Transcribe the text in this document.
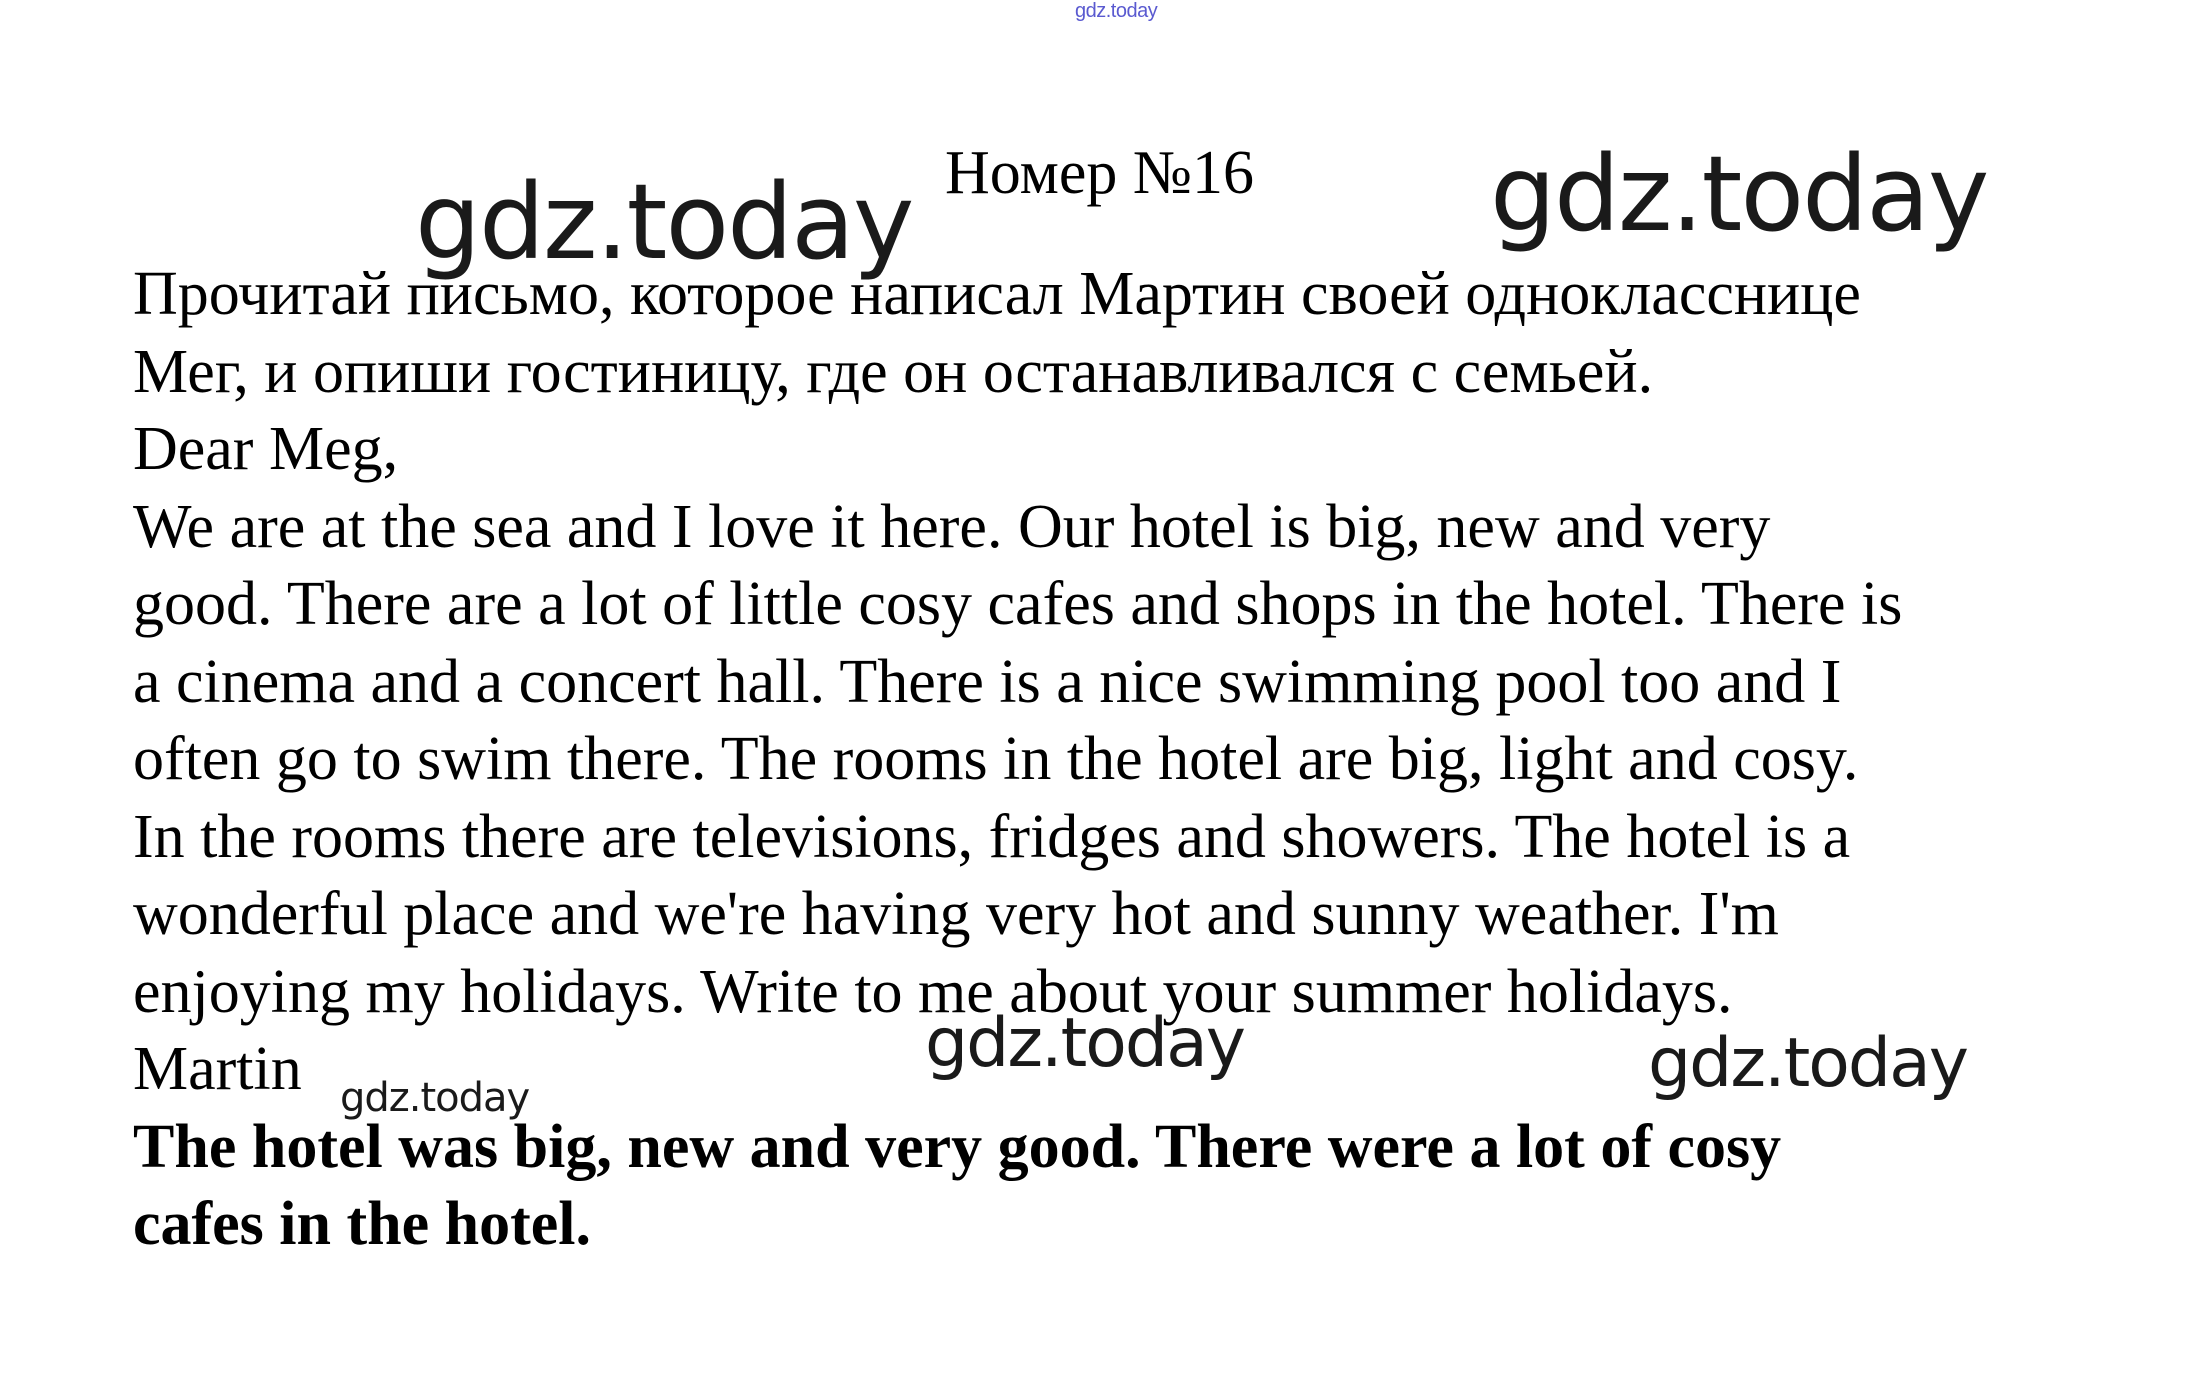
gdz.today
Номер №16

Прочитай письмо, которое написал Мартин своей однокласснице

Мег, и опиши гостиницу, где он останавливался с семьей.

Dear Meg,

We are at the sea and I love it here. Our hotel is big, new and very

good. There are a lot of little cosy cafes and shops in the hotel. There is

a cinema and a concert hall. There is a nice swimming pool too and I

often go to swim there. The rooms in the hotel are big, light and cosy.

In the rooms there are televisions, fridges and showers. The hotel is a

wonderful place and we're having very hot and sunny weather. I'm

enjoying my holidays. Write to me about your summer holidays.

Martin

The hotel was big, new and very good. There were a lot of cosy

cafes in the hotel.

gdz.today	gdz.today
gdz.today	gdz.today
gdz.today
